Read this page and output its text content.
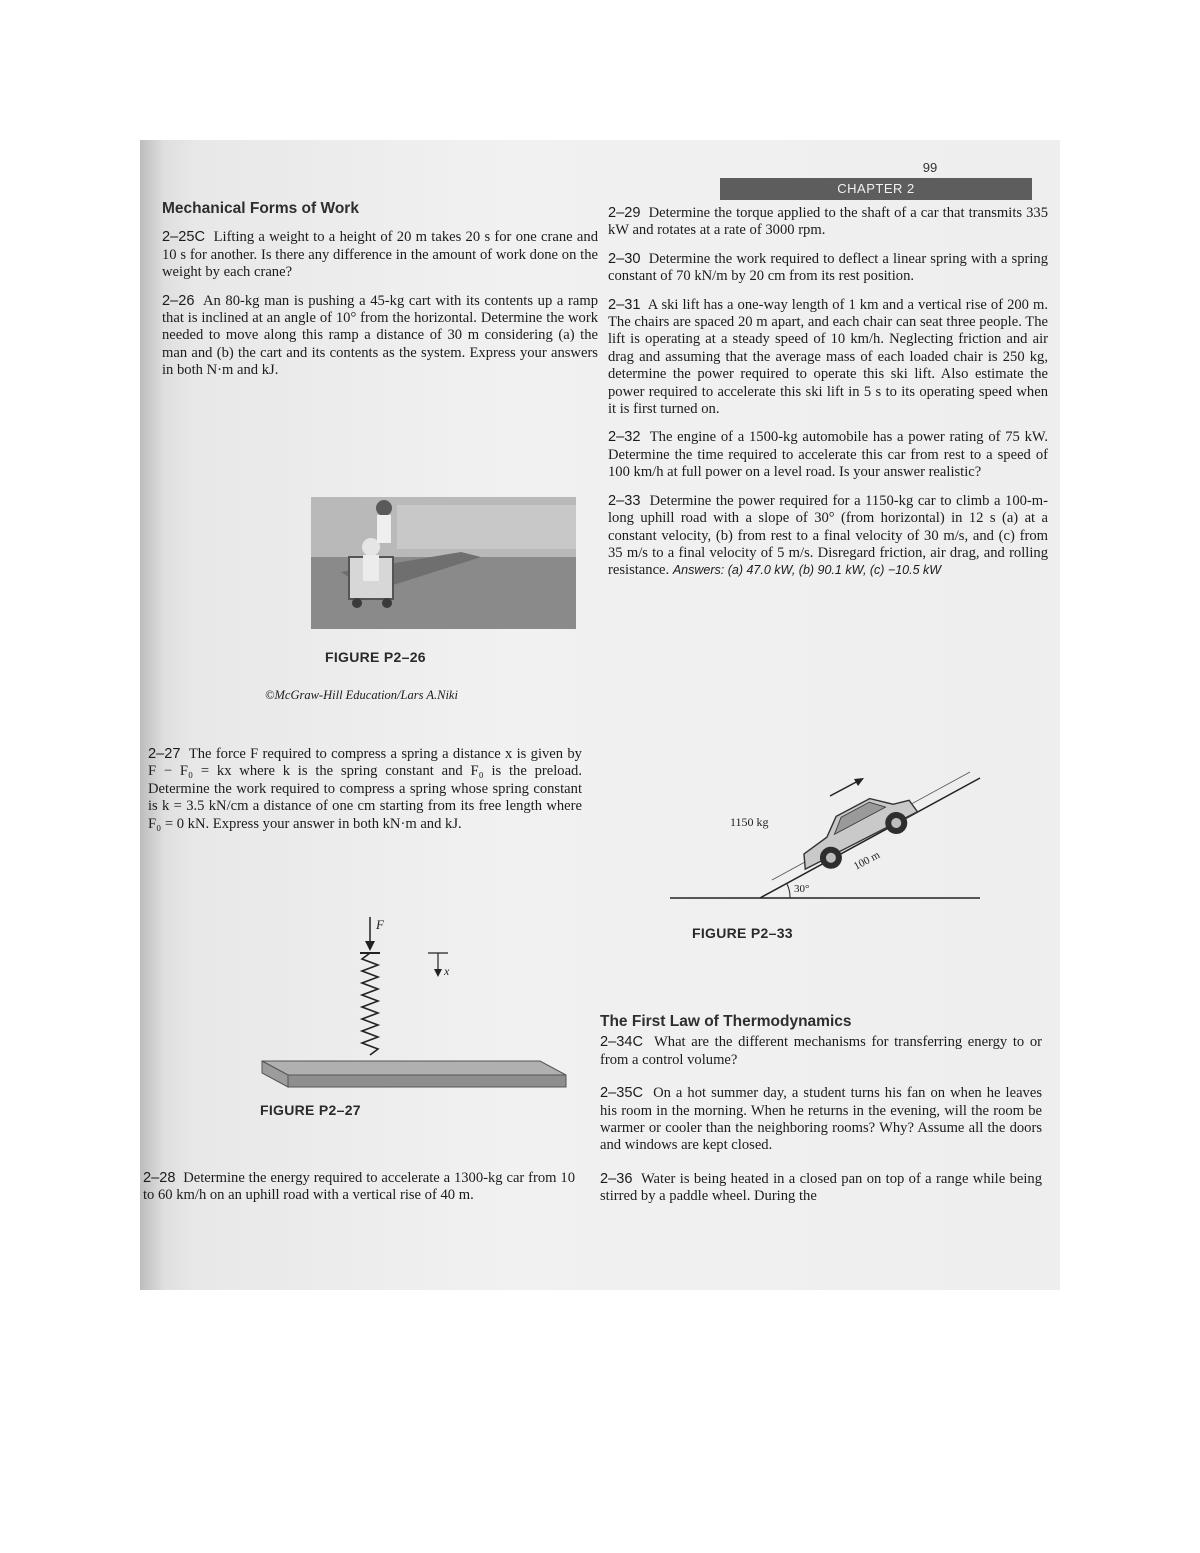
99
CHAPTER 2
Mechanical Forms of Work
2–25C Lifting a weight to a height of 20 m takes 20 s for one crane and 10 s for another. Is there any difference in the amount of work done on the weight by each crane?
2–26 An 80-kg man is pushing a 45-kg cart with its contents up a ramp that is inclined at an angle of 10° from the horizontal. Determine the work needed to move along this ramp a distance of 30 m considering (a) the man and (b) the cart and its contents as the system. Express your answers in both N·m and kJ.
FIGURE P2–26
©McGraw-Hill Education/Lars A.Niki
2–27 The force F required to compress a spring a distance x is given by F − F₀ = kx where k is the spring constant and F₀ is the preload. Determine the work required to compress a spring whose spring constant is k = 3.5 kN/cm a distance of one cm starting from its free length where F₀ = 0 kN. Express your answer in both kN·m and kJ.
F
x
FIGURE P2–27
2–28 Determine the energy required to accelerate a 1300-kg car from 10 to 60 km/h on an uphill road with a vertical rise of 40 m.
2–29 Determine the torque applied to the shaft of a car that transmits 335 kW and rotates at a rate of 3000 rpm.
2–30 Determine the work required to deflect a linear spring with a spring constant of 70 kN/m by 20 cm from its rest position.
2–31 A ski lift has a one-way length of 1 km and a vertical rise of 200 m. The chairs are spaced 20 m apart, and each chair can seat three people. The lift is operating at a steady speed of 10 km/h. Neglecting friction and air drag and assuming that the average mass of each loaded chair is 250 kg, determine the power required to operate this ski lift. Also estimate the power required to accelerate this ski lift in 5 s to its operating speed when it is first turned on.
2–32 The engine of a 1500-kg automobile has a power rating of 75 kW. Determine the time required to accelerate this car from rest to a speed of 100 km/h at full power on a level road. Is your answer realistic?
2–33 Determine the power required for a 1150-kg car to climb a 100-m-long uphill road with a slope of 30° (from horizontal) in 12 s (a) at a constant velocity, (b) from rest to a final velocity of 30 m/s, and (c) from 35 m/s to a final velocity of 5 m/s. Disregard friction, air drag, and rolling resistance. Answers: (a) 47.0 kW, (b) 90.1 kW, (c) −10.5 kW
1150 kg
100 m
30°
FIGURE P2–33
The First Law of Thermodynamics
2–34C What are the different mechanisms for transferring energy to or from a control volume?
2–35C On a hot summer day, a student turns his fan on when he leaves his room in the morning. When he returns in the evening, will the room be warmer or cooler than the neighboring rooms? Why? Assume all the doors and windows are kept closed.
2–36 Water is being heated in a closed pan on top of a range while being stirred by a paddle wheel. During the
